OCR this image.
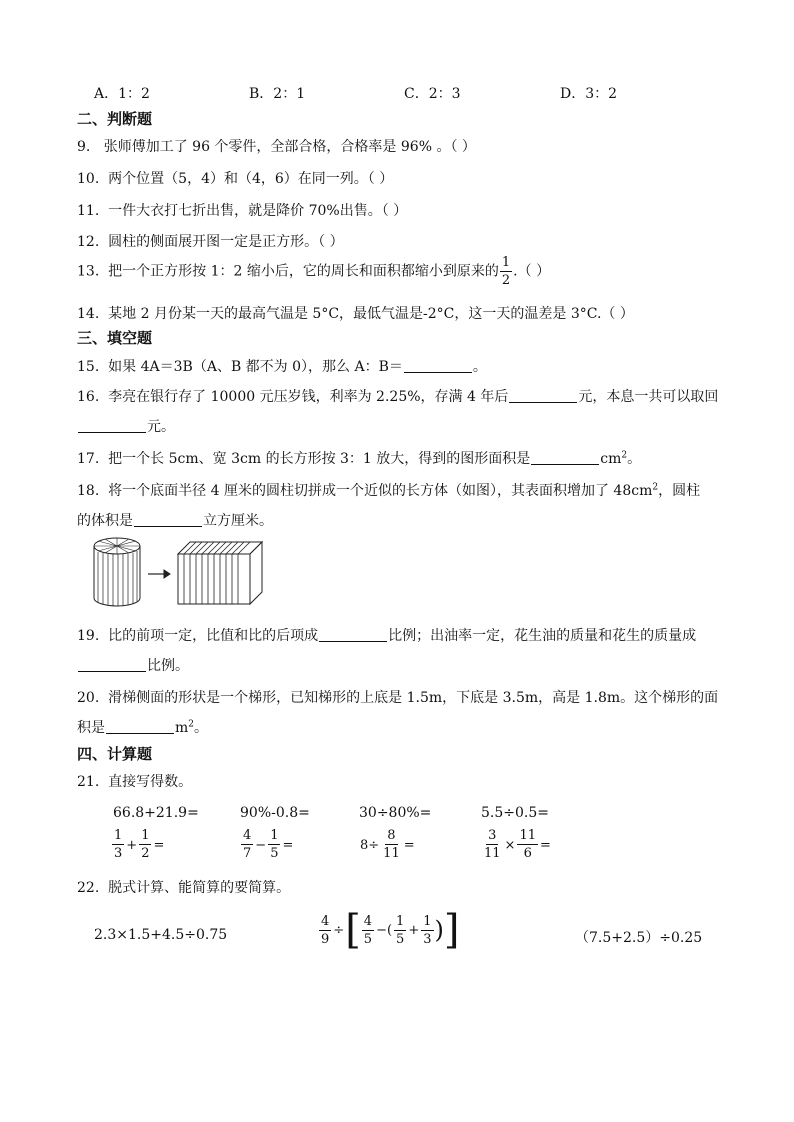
A．1：2	B．2：1	C．2：3	D．3：2
二、判断题
9. 张师傅加工了 96 个零件，全部合格，合格率是 96% 。（ ）
10. 两个位置（5，4）和（4，6）在同一列。（ ）
11. 一件大衣打七折出售，就是降价 70%出售。（ ）
12. 圆柱的侧面展开图一定是正方形。（ ）
13. 把一个正方形按 1：2 缩小后，它的周长和面积都缩小到原来的 $\frac{1}{2}$ .（ ）
14. 某地 2 月份某一天的最高气温是 5°C，最低气温是-2°C，这一天的温差是 3°C.（ ）
三、填空题
15. 如果 4A＝3B（A、B 都不为 0），那么 A：B＝	。
16. 李亮在银行存了 10000 元压岁钱，利率为 2.25%，存满 4 年后	元，本息一共可以取回
元。
17. 把一个长 5cm、宽 3cm 的长方形按 3：1 放大，得到的图形面积是	$cm^2$。
18. 将一个底面半径 4 厘米的圆柱切拼成一个近似的长方体（如图），其表面积增加了 $48cm^2$，圆柱
的体积是	立方厘米。
19. 比的前项一定，比值和比的后项成	比例；出油率一定，花生油的质量和花生的质量成
比例。
20. 滑梯侧面的形状是一个梯形，已知梯形的上底是 1.5m，下底是 3.5m，高是 1.8m。这个梯形的面
积是	$m^2$。
四、计算题
21. 直接写得数。
66.8+21.9=	90%-0.8=	30÷80%=	5.5÷0.5=
$\frac{1}{3} + \frac{1}{2}$ =	$\frac{4}{7} - \frac{1}{5}$ =	$8\div \frac{8}{11}$ =	$\frac{3}{11} \times \frac{11}{6}$ =
22. 脱式计算、能简算的要简算。
2.3×1.5+4.5÷0.75	$\frac{4}{9}$ ÷[ $\frac{4}{5}$ −( $\frac{1}{5} + \frac{1}{3}$ )]	（7.5+2.5）÷0.25
